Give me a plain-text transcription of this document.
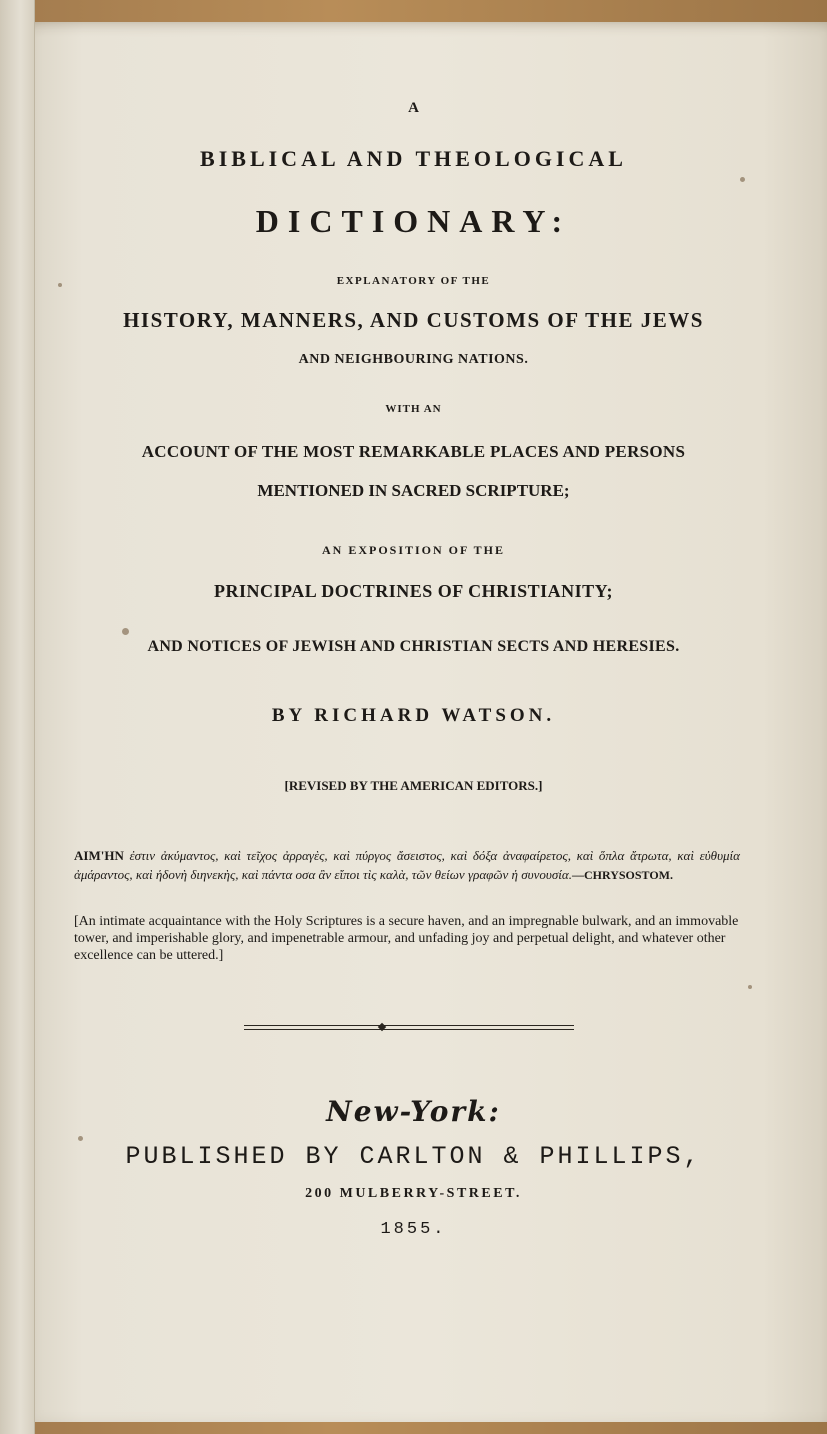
A
BIBLICAL AND THEOLOGICAL
DICTIONARY:
EXPLANATORY OF THE
HISTORY, MANNERS, AND CUSTOMS OF THE JEWS
AND NEIGHBOURING NATIONS.
WITH AN
ACCOUNT OF THE MOST REMARKABLE PLACES AND PERSONS
MENTIONED IN SACRED SCRIPTURE;
AN EXPOSITION OF THE
PRINCIPAL DOCTRINES OF CHRISTIANITY;
AND NOTICES OF JEWISH AND CHRISTIAN SECTS AND HERESIES.
BY RICHARD WATSON.
[REVISED BY THE AMERICAN EDITORS.]
AIM'HN ἐστιν ἀκύμαντος, καὶ τεῖχος ἀρραγὲς, καὶ πύργος ἄσειστος, καὶ δόξα ἀναφαίρετος, καὶ ὅπλα ἄτρωτα, καὶ εὐθυμία ἀμάραντος, καὶ ἡδονὴ διηνεκὴς, καὶ πάντα οσα ἂν εἴποι τὶς καλὰ, τῶν θείων γραφῶν ἡ συνουσία.—CHRYSOSTOM.
[An intimate acquaintance with the Holy Scriptures is a secure haven, and an impregnable bulwark, and an immovable tower, and imperishable glory, and impenetrable armour, and unfading joy and perpetual delight, and whatever other excellence can be uttered.]
New-York:
PUBLISHED BY CARLTON & PHILLIPS,
200 MULBERRY-STREET.
1855.
